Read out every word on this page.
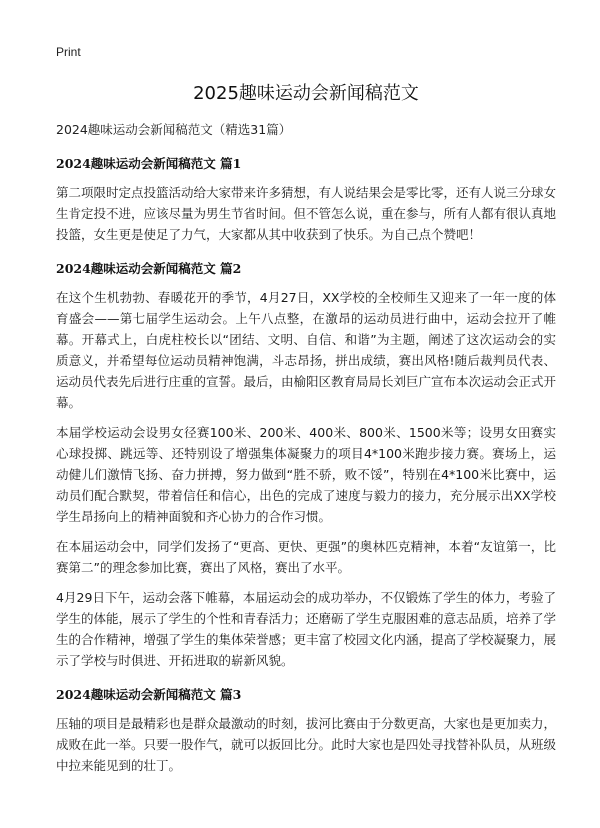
Print

2025趣味运动会新闻稿范文

2024趣味运动会新闻稿范文（精选31篇）

2024趣味运动会新闻稿范文 篇1

第二项限时定点投篮活动给大家带来许多猜想，有人说结果会是零比零，还有人说三分球女生肯定投不进，应该尽量为男生节省时间。但不管怎么说，重在参与，所有人都有很认真地投篮，女生更是使足了力气，大家都从其中收获到了快乐。为自己点个赞吧！

2024趣味运动会新闻稿范文 篇2

在这个生机勃勃、春暖花开的季节，4月27日，XX学校的全校师生又迎来了一年一度的体育盛会——第七届学生运动会。上午八点整，在激昂的运动员进行曲中，运动会拉开了帷幕。开幕式上，白虎柱校长以“团结、文明、自信、和谐”为主题，阐述了这次运动会的实质意义，并希望每位运动员精神饱满，斗志昂扬，拼出成绩，赛出风格!随后裁判员代表、运动员代表先后进行庄重的宣誓。最后，由榆阳区教育局局长刘巨广宣布本次运动会正式开幕。

本届学校运动会设男女径赛100米、200米、400米、800米、1500米等；设男女田赛实心球投掷、跳远等、还特别设了增强集体凝聚力的项目4*100米跑步接力赛。赛场上，运动健儿们激情飞扬、奋力拼搏，努力做到“胜不骄，败不馁”，特别在4*100米比赛中，运动员们配合默契，带着信任和信心，出色的完成了速度与毅力的接力，充分展示出XX学校学生昂扬向上的精神面貌和齐心协力的合作习惯。

在本届运动会中，同学们发扬了“更高、更快、更强”的奥林匹克精神，本着“友谊第一，比赛第二”的理念参加比赛，赛出了风格，赛出了水平。

4月29日下午，运动会落下帷幕，本届运动会的成功举办，不仅锻炼了学生的体力，考验了学生的体能，展示了学生的个性和青春活力；还磨砺了学生克服困难的意志品质，培养了学生的合作精神，增强了学生的集体荣誉感；更丰富了校园文化内涵，提高了学校凝聚力，展示了学校与时俱进、开拓进取的崭新风貌。

2024趣味运动会新闻稿范文 篇3

压轴的项目是最精彩也是群众最激动的时刻，拔河比赛由于分数更高，大家也是更加卖力，成败在此一举。只要一股作气，就可以扳回比分。此时大家也是四处寻找替补队员，从班级中拉来能见到的壮丁。
